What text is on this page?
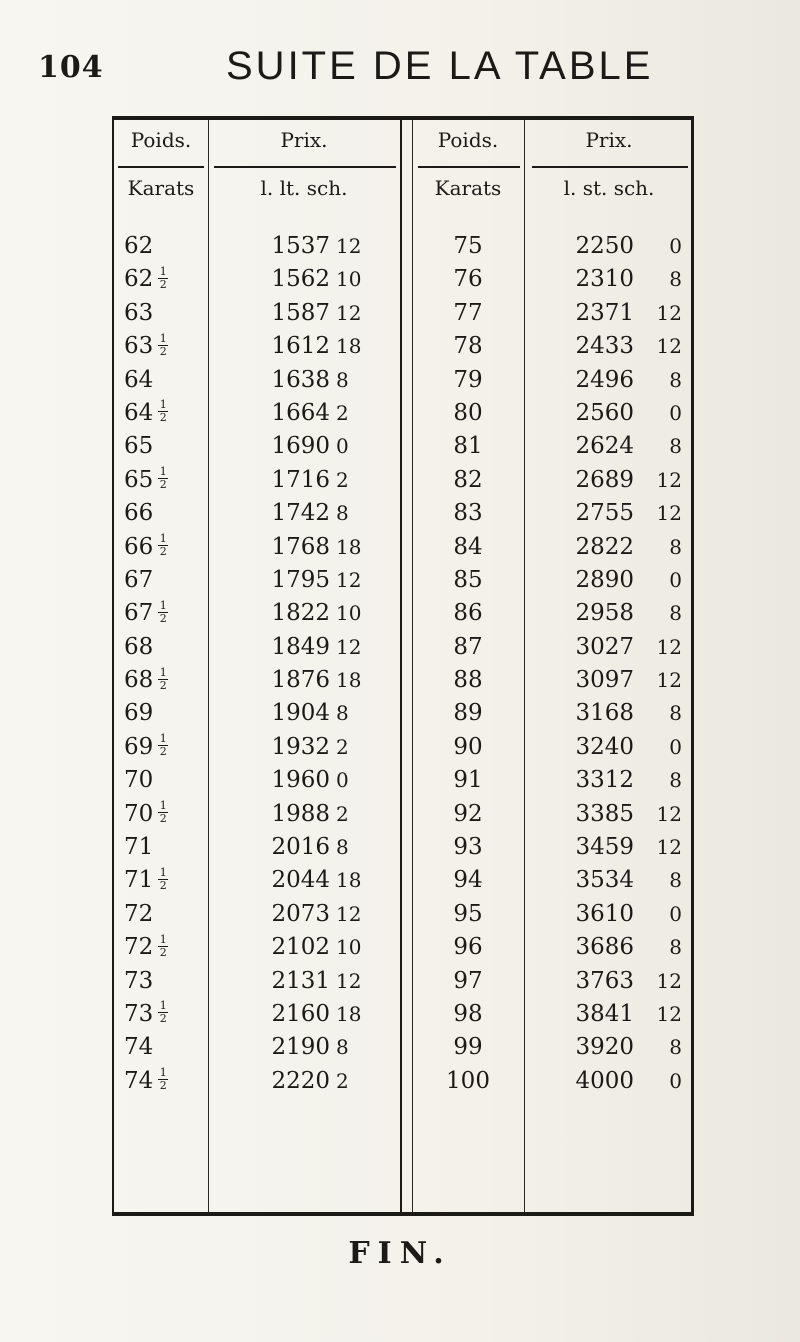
104	SUITE DE LA TABLE
Poids.	Prix.	Poids.	Prix.
Karats	l. lt. sch.	Karats	l. st. sch.
62	1537 12	75	2250	0
$62 \frac{1}{2}$	1562 10	76	2310	8
63	1587 12	77	2371	12
$63 \frac{1}{2}$	1612 18	78	2433	12
64	1638 8	79	2496	8
$64 \frac{1}{2}$	1664 2	80	2560	0
65	1690 0	81	2624	8
$65 \frac{1}{2}$	1716 2	82	2689	12
66	1742 8	83	2755	12
$66 \frac{1}{2}$	1768 18	84	2822	8
67	1795 12	85	2890	0
$67 \frac{1}{2}$	1822 10	86	2958	8
68	1849 12	87	3027	12
$68 \frac{1}{2}$	1876 18	88	3097	12
69	1904 8	89	3168	8
$69 \frac{1}{2}$	1932 2	90	3240	0
70	1960 0	91	3312	8
$70 \frac{1}{2}$	1988 2	92	3385	12
71	2016 8	93	3459	12
$71 \frac{1}{2}$	2044 18	94	3534	8
72	2073 12	95	3610	0
$72 \frac{1}{2}$	2102 10	96	3686	8
73	2131 12	97	3763	12
$73 \frac{1}{2}$	2160 18	98	3841	12
74	2190 8	99	3920	8
$74 \frac{1}{2}$	2220 2	100	4000	0
FIN.
